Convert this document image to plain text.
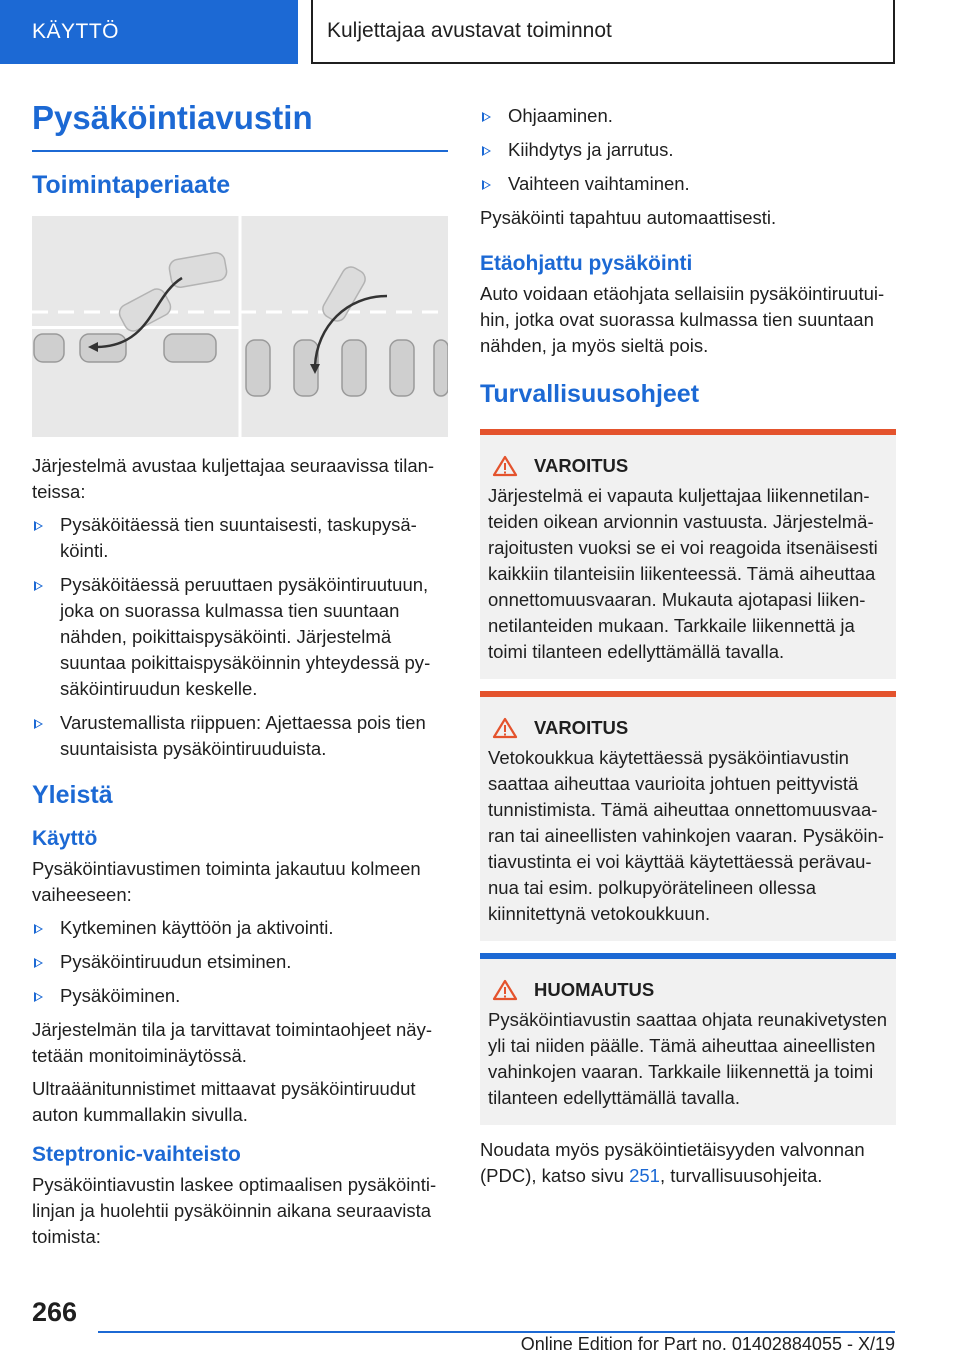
KÄYTTÖ	Kuljettajaa avustavat toiminnot
Pysäköintiavustin
Toimintaperiaate

Järjestelmä avustaa kuljettajaa seuraavissa tilanteissa:

Pysäköitäessä tien suuntaisesti, taskupysäköinti.
Pysäköitäessä peruuttaen pysäköintiruutuun, joka on suorassa kulmassa tien suuntaan nähden, poikittaispysäköinti. Järjestelmä suuntaa poikittaispysäköinnin yhteydessä pysäköintiruudun keskelle.
Varustemallista riippuen: Ajettaessa pois tien suuntaisista pysäköintiruuduista.
Yleistä
Käyttö

Pysäköintiavustimen toiminta jakautuu kolmeen vaiheeseen:

Kytkeminen käyttöön ja aktivointi.
Pysäköintiruudun etsiminen.
Pysäköiminen.

Järjestelmän tila ja tarvittavat toimintaohjeet näytetään monitoiminäytössä.

Ultraäänitunnistimet mittaavat pysäköintiruudut auton kummallakin sivulla.

Steptronic-vaihteisto

Pysäköintiavustin laskee optimaalisen pysäköintilinjan ja huolehtii pysäköinnin aikana seuraavista toimista:

Ohjaaminen.
Kiihdytys ja jarrutus.
Vaihteen vaihtaminen.

Pysäköinti tapahtuu automaattisesti.

Etäohjattu pysäköinti

Auto voidaan etäohjata sellaisiin pysäköintiruutuihin, jotka ovat suorassa kulmassa tien suuntaan nähden, ja myös sieltä pois.

Turvallisuusohjeet
VAROITUS

Järjestelmä ei vapauta kuljettajaa liikennetilanteiden oikean arvionnin vastuusta. Järjestelmärajoitusten vuoksi se ei voi reagoida itsenäisesti kaikkiin tilanteisiin liikenteessä. Tämä aiheuttaa onnettomuusvaaran. Mukauta ajotapasi liikennetilanteiden mukaan. Tarkkaile liikennettä ja toimi tilanteen edellyttämällä tavalla.

VAROITUS

Vetokoukkua käytettäessä pysäköintiavustin saattaa aiheuttaa vaurioita johtuen peittyvistä tunnistimista. Tämä aiheuttaa onnettomuusvaaran tai aineellisten vahinkojen vaaran. Pysäköintiavustinta ei voi käyttää käytettäessä perävaunua tai esim. polkupyörätelineen ollessa kiinnitettynä vetokoukkuun.

HUOMAUTUS

Pysäköintiavustin saattaa ohjata reunakivetysten yli tai niiden päälle. Tämä aiheuttaa aineellisten vahinkojen vaaran. Tarkkaile liikennettä ja toimi tilanteen edellyttämällä tavalla.

Noudata myös pysäköintietäisyyden valvonnan (PDC), katso sivu 251, turvallisuusohjeita.

266
Online Edition for Part no. 01402884055 - X/19
